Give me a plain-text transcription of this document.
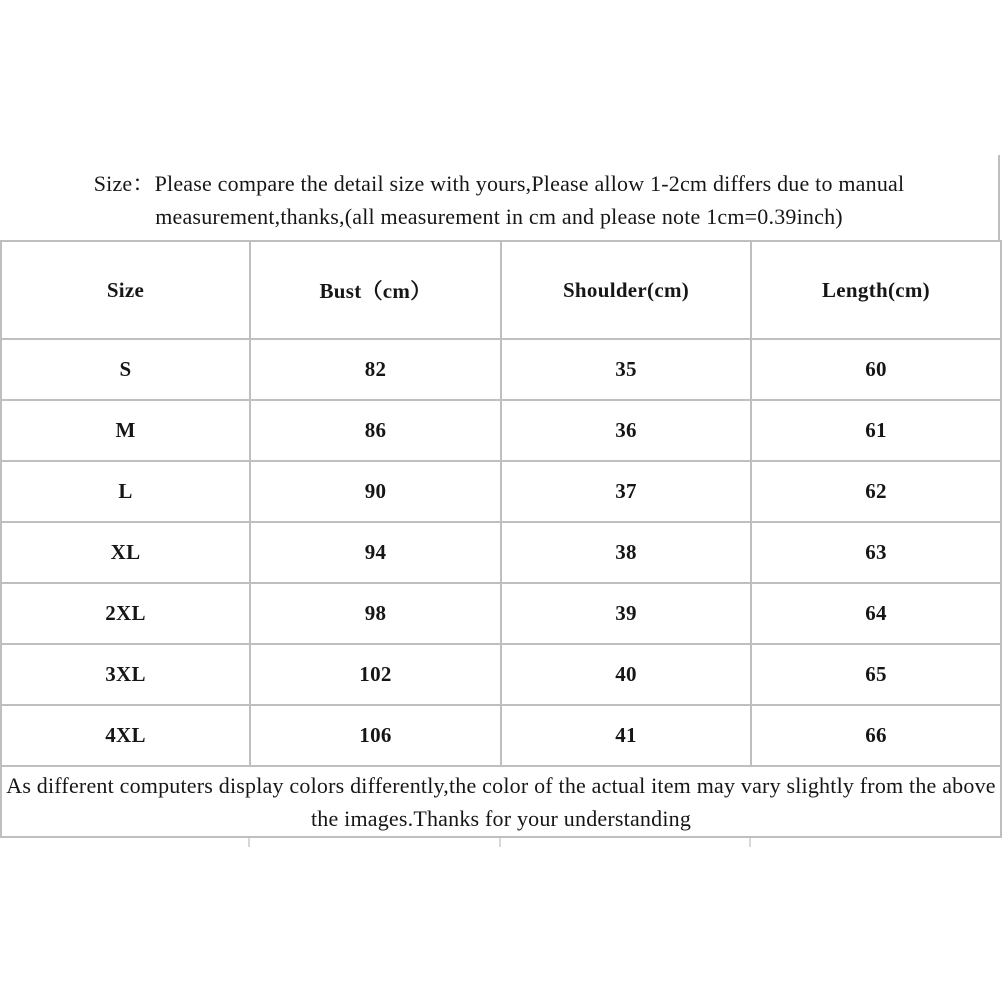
Size：Please compare the detail size with yours,Please allow 1-2cm differs due to manual
measurement,thanks,(all measurement in cm and please note 1cm=0.39inch)
Size	Bust（cm）	Shoulder(cm)	Length(cm)
S	82	35	60
M	86	36	61
L	90	37	62
XL	94	38	63
2XL	98	39	64
3XL	102	40	65
4XL	106	41	66

As different computers display colors differently,the color of the actual item may vary slightly from the above
the images.Thanks for your understanding			
